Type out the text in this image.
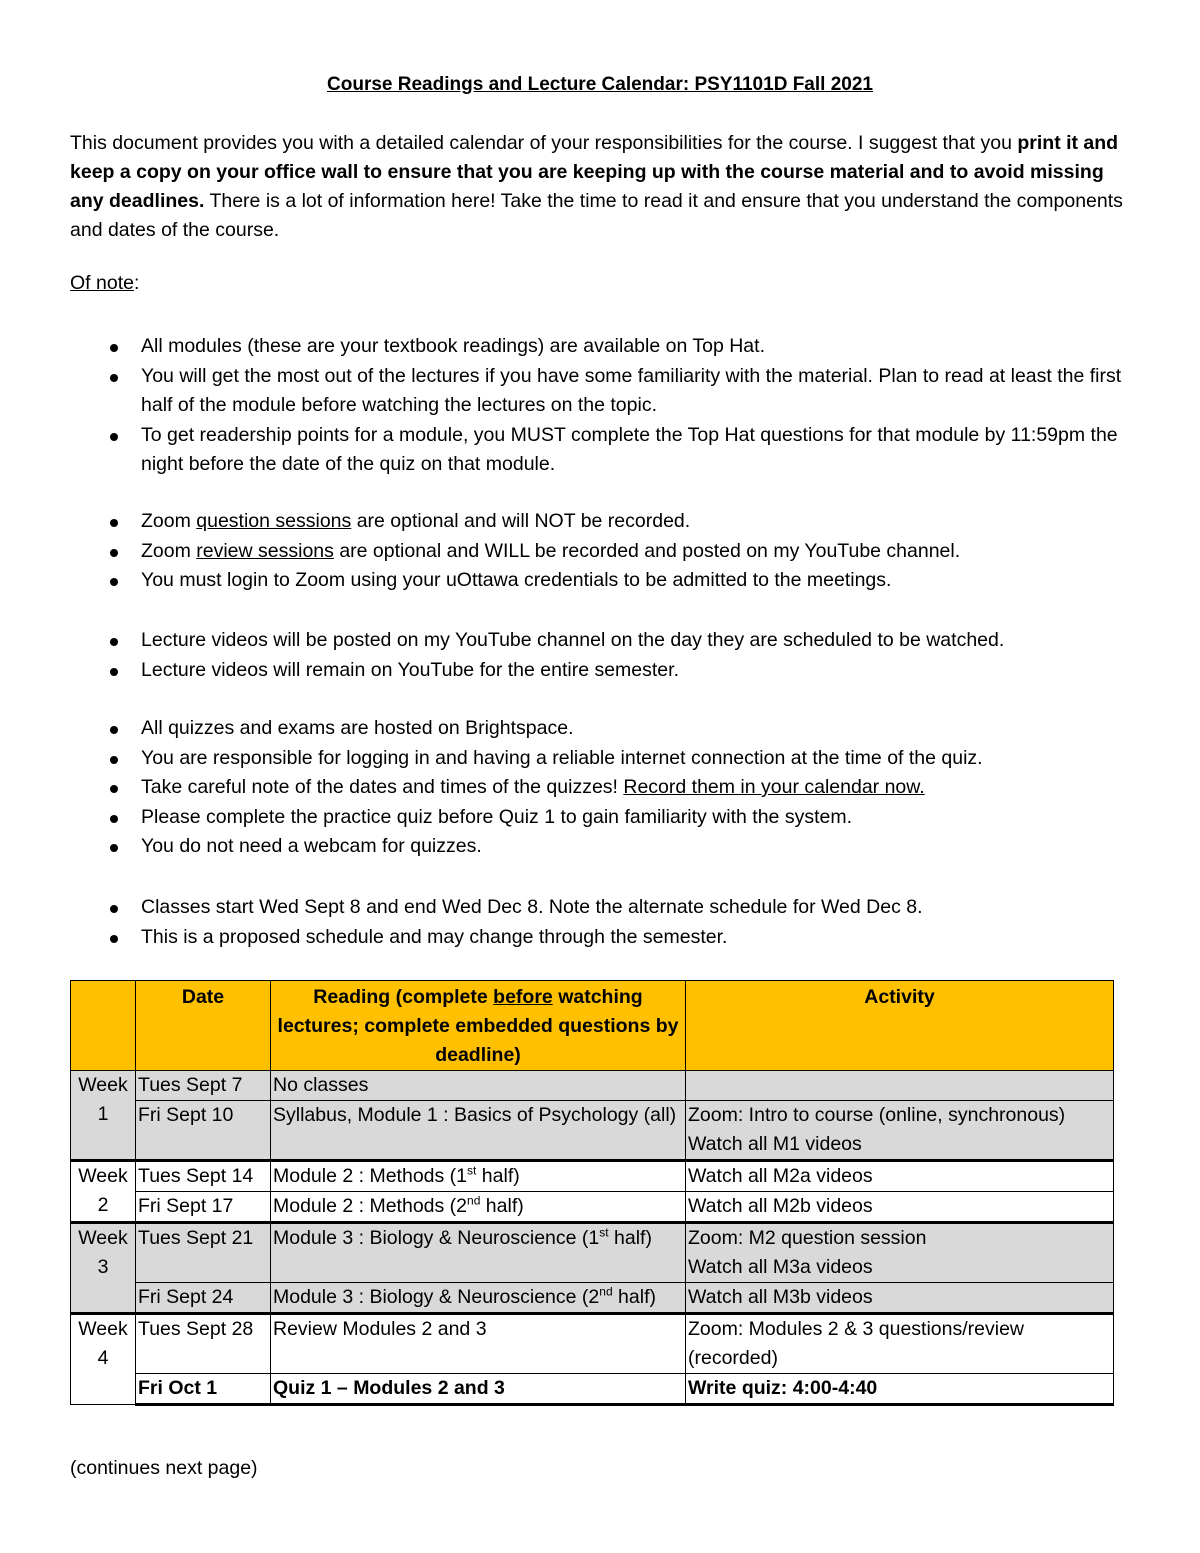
Course Readings and Lecture Calendar: PSY1101D Fall 2021
This document provides you with a detailed calendar of your responsibilities for the course. I suggest that you print it and keep a copy on your office wall to ensure that you are keeping up with the course material and to avoid missing any deadlines. There is a lot of information here! Take the time to read it and ensure that you understand the components and dates of the course.
Of note:
All modules (these are your textbook readings) are available on Top Hat.
You will get the most out of the lectures if you have some familiarity with the material. Plan to read at least the first half of the module before watching the lectures on the topic.
To get readership points for a module, you MUST complete the Top Hat questions for that module by 11:59pm the night before the date of the quiz on that module.
Zoom question sessions are optional and will NOT be recorded.
Zoom review sessions are optional and WILL be recorded and posted on my YouTube channel.
You must login to Zoom using your uOttawa credentials to be admitted to the meetings.
Lecture videos will be posted on my YouTube channel on the day they are scheduled to be watched.
Lecture videos will remain on YouTube for the entire semester.
All quizzes and exams are hosted on Brightspace.
You are responsible for logging in and having a reliable internet connection at the time of the quiz.
Take careful note of the dates and times of the quizzes! Record them in your calendar now.
Please complete the practice quiz before Quiz 1 to gain familiarity with the system.
You do not need a webcam for quizzes.
Classes start Wed Sept 8 and end Wed Dec 8. Note the alternate schedule for Wed Dec 8.
This is a proposed schedule and may change through the semester.
	Date	Reading (complete before watching lectures; complete embedded questions by deadline)	Activity
Week 1	Tues Sept 7	No classes	
	Fri Sept 10	Syllabus, Module 1 : Basics of Psychology (all)	Zoom: Intro to course (online, synchronous)
Watch all M1 videos

Week 2	Tues Sept 14	Module 2 : Methods (1st half)	Watch all M2a videos
	Fri Sept 17	Module 2 : Methods (2nd half)	Watch all M2b videos
Week 3	Tues Sept 21	Module 3 : Biology & Neuroscience (1st half)	Zoom: M2 question session
Watch all M3a videos

	Fri Sept 24	Module 3 : Biology & Neuroscience (2nd half)	Watch all M3b videos
Week 4	Tues Sept 28	Review Modules 2 and 3	Zoom: Modules 2 & 3 questions/review (recorded)
	Fri Oct 1	Quiz 1 – Modules 2 and 3	Write quiz: 4:00-4:40
(continues next page)
